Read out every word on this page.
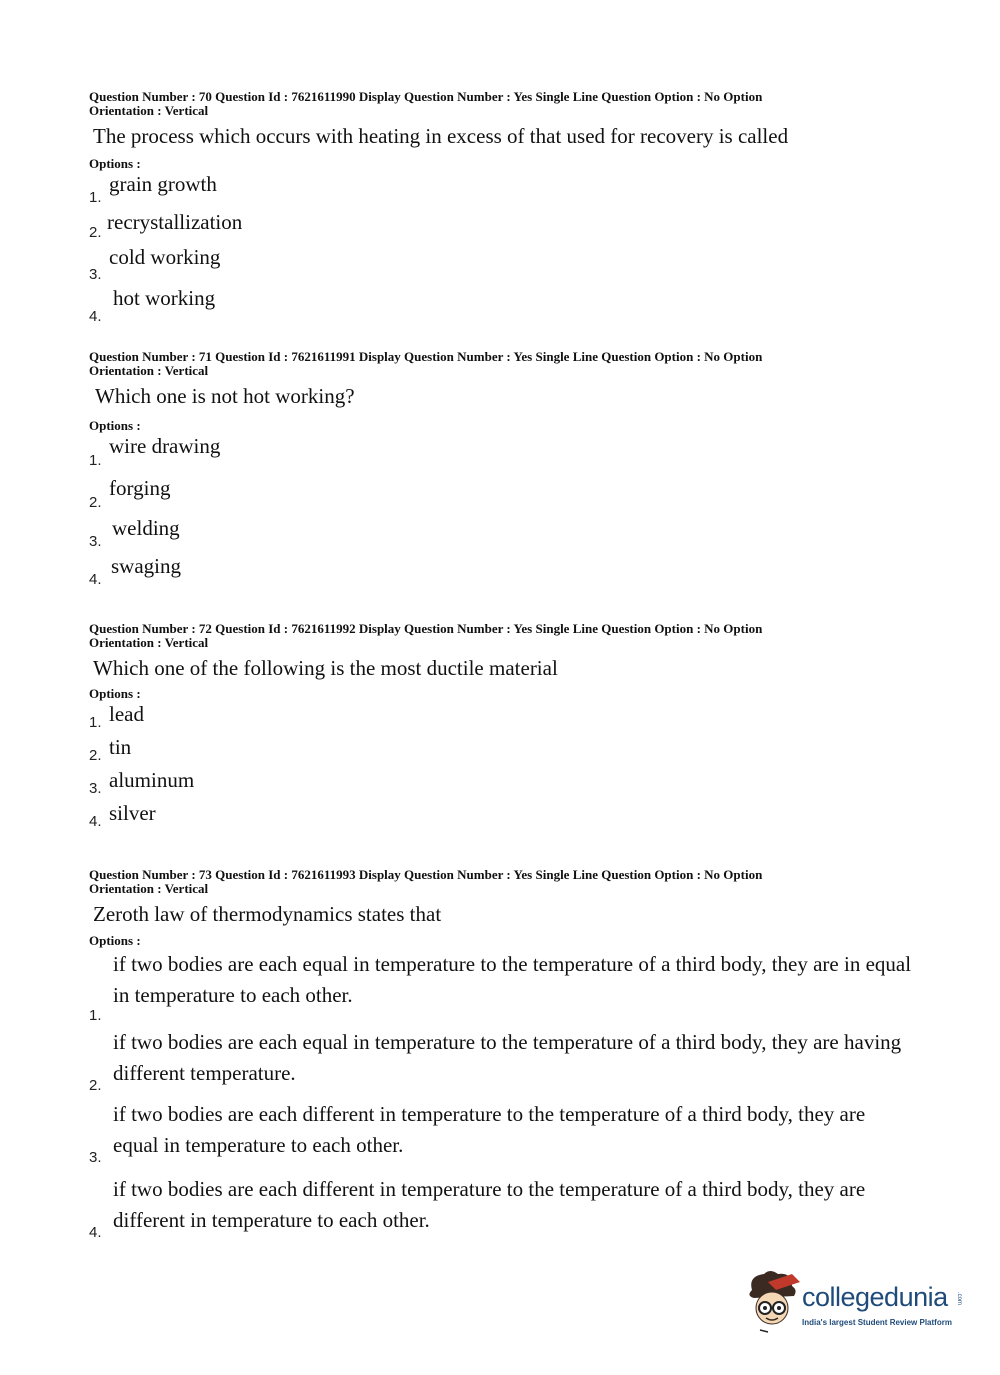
Question Number : 70 Question Id : 7621611990 Display Question Number : Yes Single Line Question Option : No Option

Orientation : Vertical

The process which occurs with heating in excess of that used for recovery is called
Options :
1.
grain growth
2. recrystallization
3.
cold working
4.
hot working

Question Number : 71 Question Id : 7621611991 Display Question Number : Yes Single Line Question Option : No Option

Orientation : Vertical

Which one is not hot working?
Options :
1.
wire drawing
2.
forging
3.
welding
4.
swaging

Question Number : 72 Question Id : 7621611992 Display Question Number : Yes Single Line Question Option : No Option

Orientation : Vertical

Which one of the following is the most ductile material
Options :
1. lead
2. tin
3. aluminum
4. silver

Question Number : 73 Question Id : 7621611993 Display Question Number : Yes Single Line Question Option : No Option

Orientation : Vertical

Zeroth law of thermodynamics states that
Options :
1.
if two bodies are each equal in temperature to the temperature of a third body, they are in equal in temperature to each other.
2.
if two bodies are each equal in temperature to the temperature of a third body, they are having different temperature.
3.
if two bodies are each different in temperature to the temperature of a third body, they are equal in temperature to each other.
4.
if two bodies are each different in temperature to the temperature of a third body, they are different in temperature to each other.
collegedunia .com
India's largest Student Review Platform
